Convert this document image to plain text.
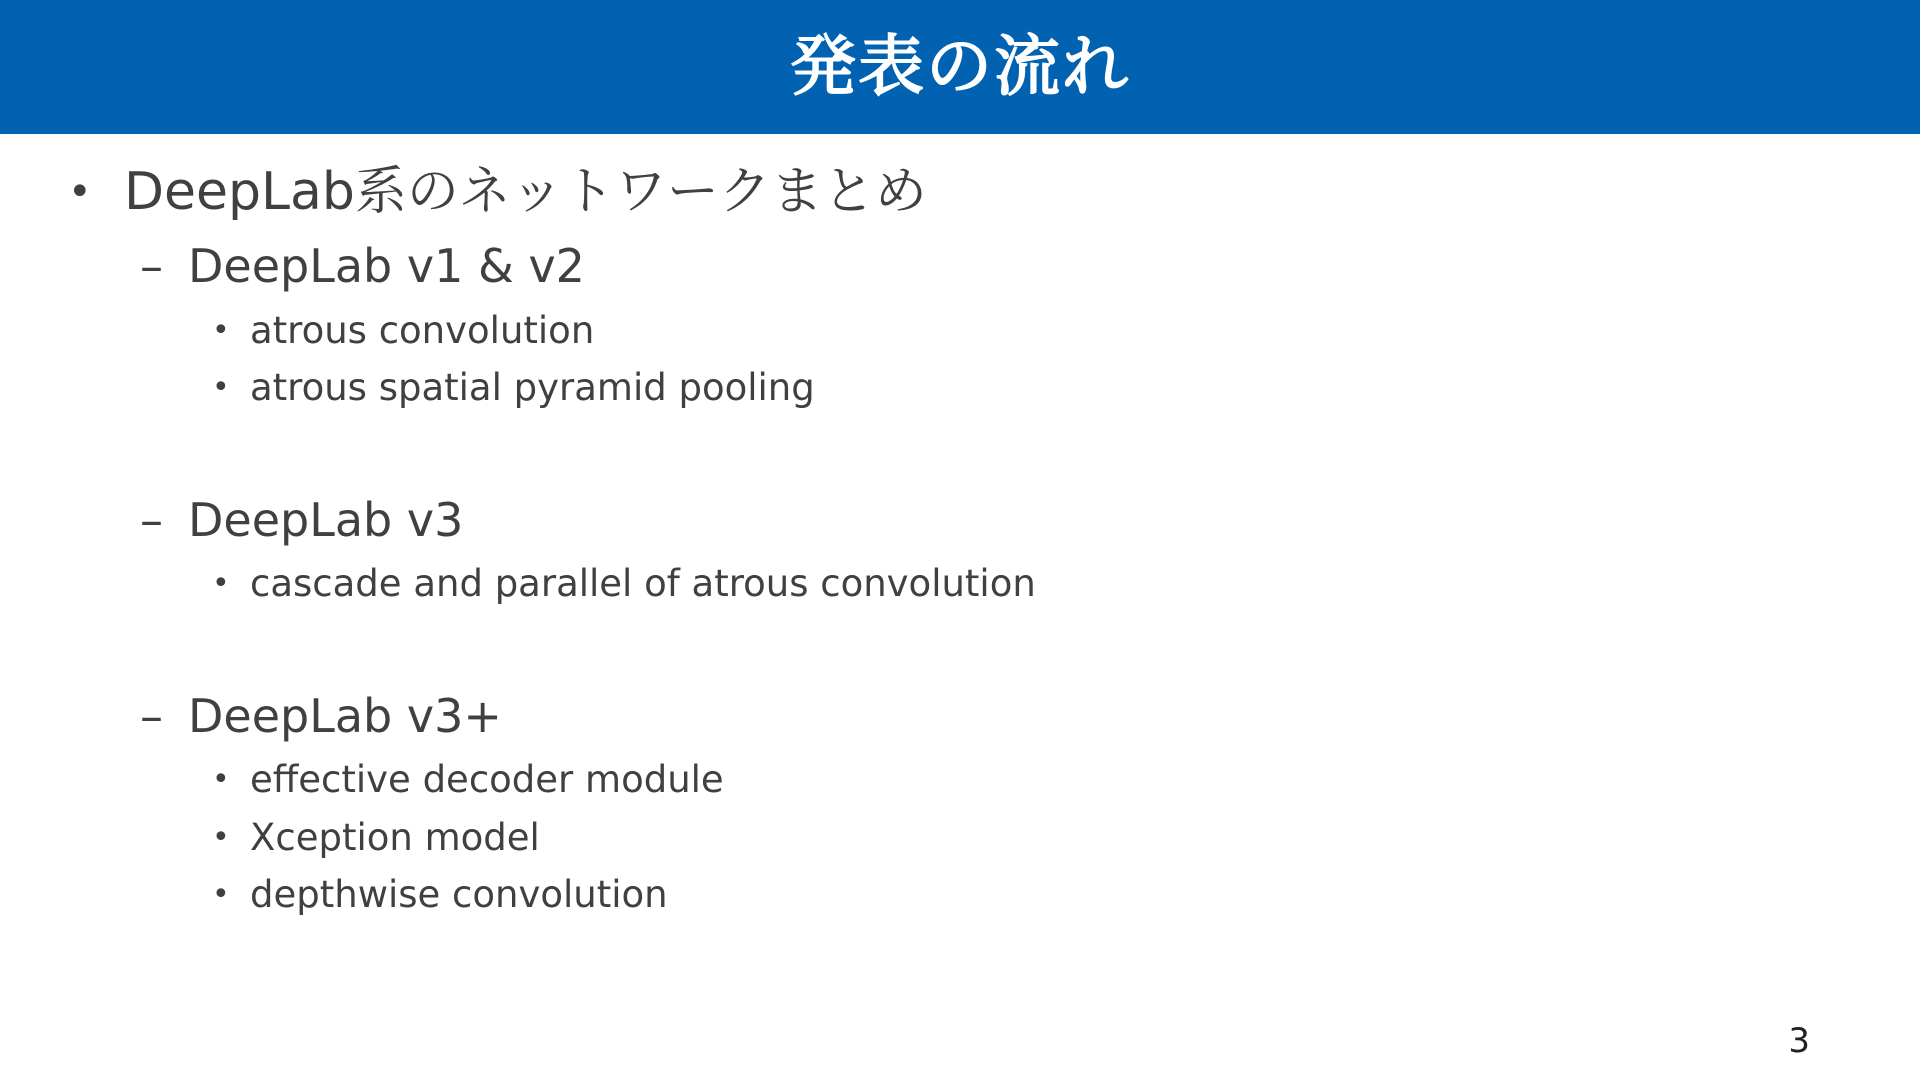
発表の流れ
• DeepLab系のネットワークまとめ
– DeepLab v1 & v2
• atrous convolution
• atrous spatial pyramid pooling
– DeepLab v3
• cascade and parallel of atrous convolution
– DeepLab v3+
• effective decoder module
• Xception model
• depthwise convolution
3
